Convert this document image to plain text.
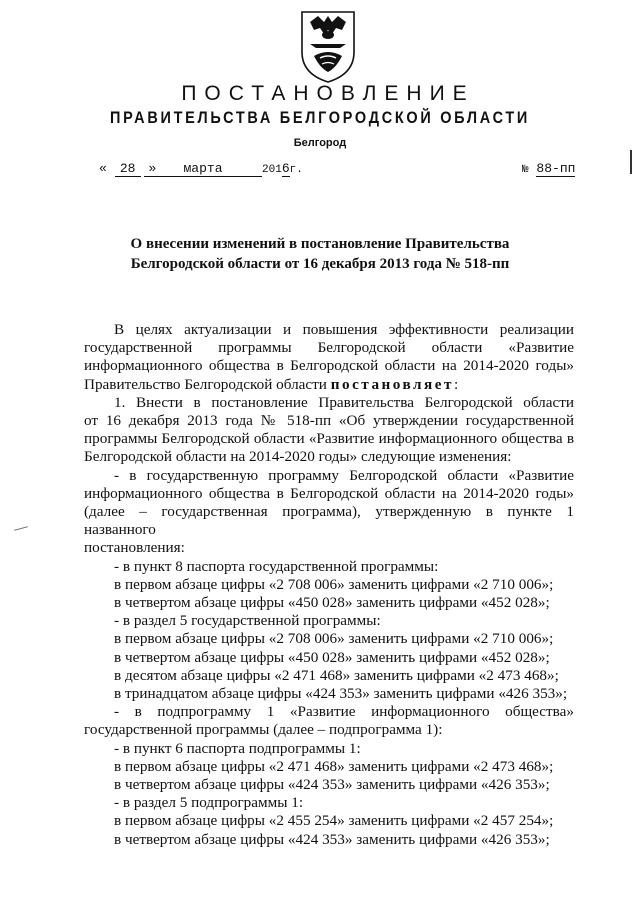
ПОСТАНОВЛЕНИЕ
ПРАВИТЕЛЬСТВА БЕЛГОРОДСКОЙ ОБЛАСТИ
Белгород
« 28 »	марта	2016г.	№ 88-пп
О внесении изменений в постановление Правительства
Белгородской области от 16 декабря 2013 года № 518-пп

В целях актуализации и повышения эффективности реализации

государственной программы Белгородской области «Развитие

информационного общества в Белгородской области на 2014-2020 годы»

Правительство Белгородской области постановляет:

1. Внести в постановление Правительства Белгородской области

от 16 декабря 2013 года № 518-пп «Об утверждении государственной

программы Белгородской области «Развитие информационного общества в

Белгородской области на 2014-2020 годы» следующие изменения:

- в государственную программу Белгородской области «Развитие

информационного общества в Белгородской области на 2014-2020 годы»

(далее – государственная программа), утвержденную в пункте 1 названного

постановления:

- в пункт 8 паспорта государственной программы:

в первом абзаце цифры «2 708 006» заменить цифрами «2 710 006»;

в четвертом абзаце цифры «450 028» заменить цифрами «452 028»;

- в раздел 5 государственной программы:

в первом абзаце цифры «2 708 006» заменить цифрами «2 710 006»;

в четвертом абзаце цифры «450 028» заменить цифрами «452 028»;

в десятом абзаце цифры «2 471 468» заменить цифрами «2 473 468»;

в тринадцатом абзаце цифры «424 353» заменить цифрами «426 353»;

- в подпрограмму 1 «Развитие информационного общества»

государственной программы (далее – подпрограмма 1):

- в пункт 6 паспорта подпрограммы 1:

в первом абзаце цифры «2 471 468» заменить цифрами «2 473 468»;

в четвертом абзаце цифры «424 353» заменить цифрами «426 353»;

- в раздел 5 подпрограммы 1:

в первом абзаце цифры «2 455 254» заменить цифрами «2 457 254»;

в четвертом абзаце цифры «424 353» заменить цифрами «426 353»;
